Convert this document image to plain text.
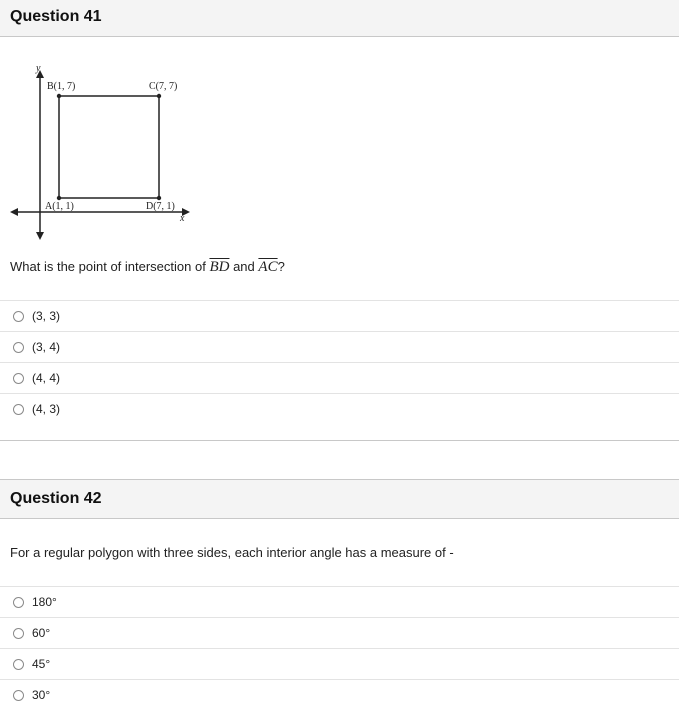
Question 41
y
x
B(1, 7)	C(7, 7)
A(1, 1)	D(7, 1)
What is the point of intersection of $\overline{BD}$ and $\overline{AC}$?
(3, 3)
(3, 4)
(4, 4)
(4, 3)
Question 42
For a regular polygon with three sides, each interior angle has a measure of -
180°
60°
45°
30°
